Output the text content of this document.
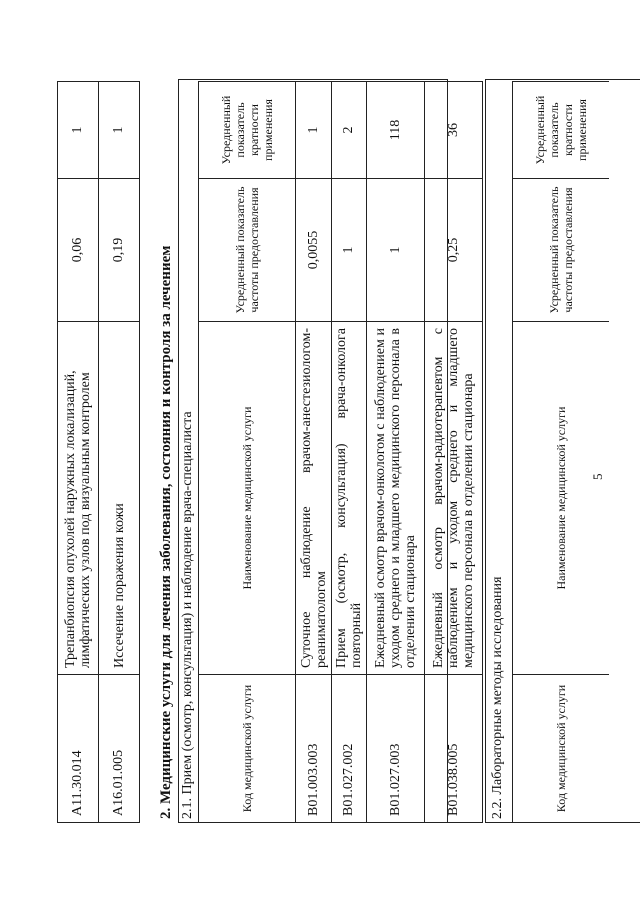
5
A11.30.014	Трепанбиопсия опухолей наружных локализаций, лимфатических узлов под визуальным контролем	0,06	1
A16.01.005	Иссечение поражения кожи	0,19	1
2. Медицинские услуги для лечения заболевания, состояния и контроля за лечением 2.1. Прием (осмотр, консультация) и наблюдение врача-специалиста	Код медицинской услуги	Наименование медицинской услуги	Усредненный показатель частоты предоставления	Усредненный показатель кратности применения
B01.003.003	Суточное наблюдение врачом-анестезиологом-реаниматологом	0,0055	1
B01.027.002	Прием (осмотр, консультация) врача-онколога повторный	1	2
B01.027.003	Ежедневный осмотр врачом-онкологом с наблюдением и уходом среднего и младшего медицинского персонала в отделении стационара	1	118
B01.038.005	Ежедневный осмотр врачом-радиотерапевтом с наблюдением и уходом среднего и младшего медицинского персонала в отделении стационара	0,25	36
2.2. Лабораторные методы исследования	Код медицинской услуги	Наименование медицинской услуги	Усредненный показатель частоты предоставления	Усредненный показатель кратности применения
